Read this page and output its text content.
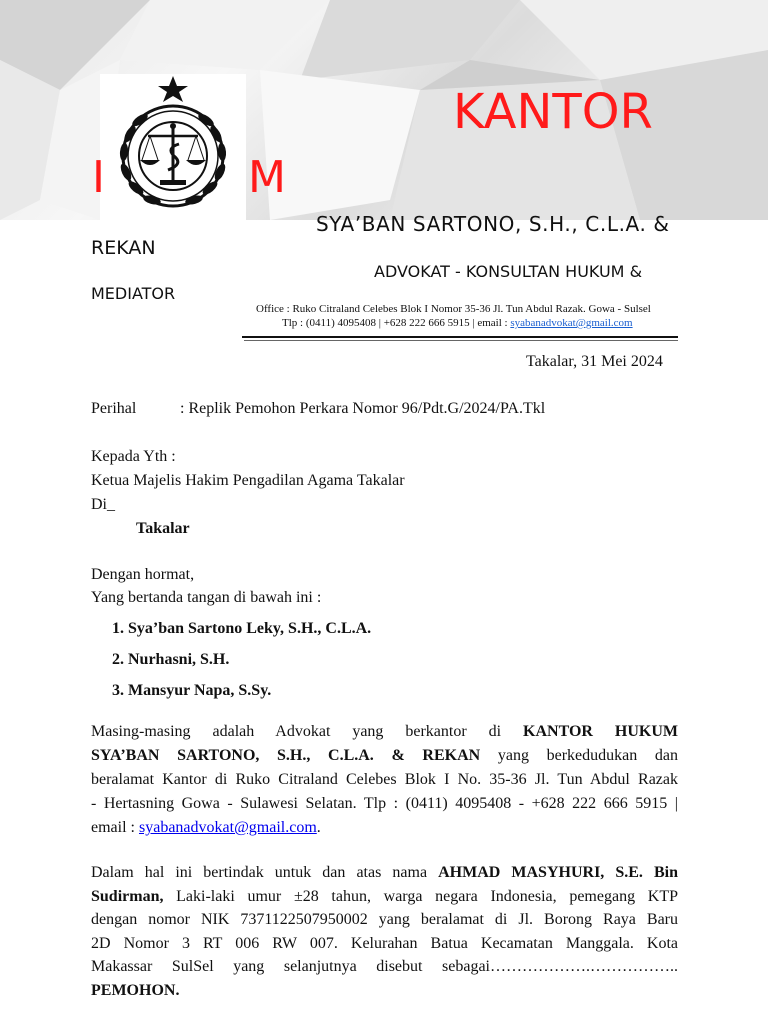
KANTOR
I	M
SYA’BAN SARTONO, S.H., C.L.A. &
REKAN
ADVOKAT - KONSULTAN HUKUM &
MEDIATOR
Office : Ruko Citraland Celebes Blok I Nomor 35-36 Jl. Tun Abdul Razak. Gowa - Sulsel
Tlp : (0411) 4095408 | +628 222 666 5915 | email : syabanadvokat@gmail.com
Takalar, 31 Mei 2024
Perihal	: Replik Pemohon Perkara Nomor 96/Pdt.G/2024/PA.Tkl
Kepada Yth :
Ketua Majelis Hakim Pengadilan Agama Takalar
Di_
Takalar
Dengan hormat,
Yang bertanda tangan di bawah ini :
1. Sya’ban Sartono Leky, S.H., C.L.A.
2. Nurhasni, S.H.
3. Mansyur Napa, S.Sy.
Masing-masing adalah Advokat yang berkantor di KANTOR HUKUM
SYA’BAN SARTONO, S.H., C.L.A. & REKAN yang berkedudukan dan
beralamat Kantor di Ruko Citraland Celebes Blok I No. 35-36 Jl. Tun Abdul Razak
- Hertasning Gowa - Sulawesi Selatan. Tlp : (0411) 4095408 - +628 222 666 5915 |
email : syabanadvokat@gmail.com.
Dalam hal ini bertindak untuk dan atas nama AHMAD MASYHURI, S.E. Bin
Sudirman, Laki-laki umur ±28 tahun, warga negara Indonesia, pemegang KTP
dengan nomor NIK 7371122507950002 yang beralamat di Jl. Borong Raya Baru
2D Nomor 3 RT 006 RW 007. Kelurahan Batua Kecamatan Manggala. Kota
Makassar SulSel yang selanjutnya disebut sebagai……………….……………..
PEMOHON.
